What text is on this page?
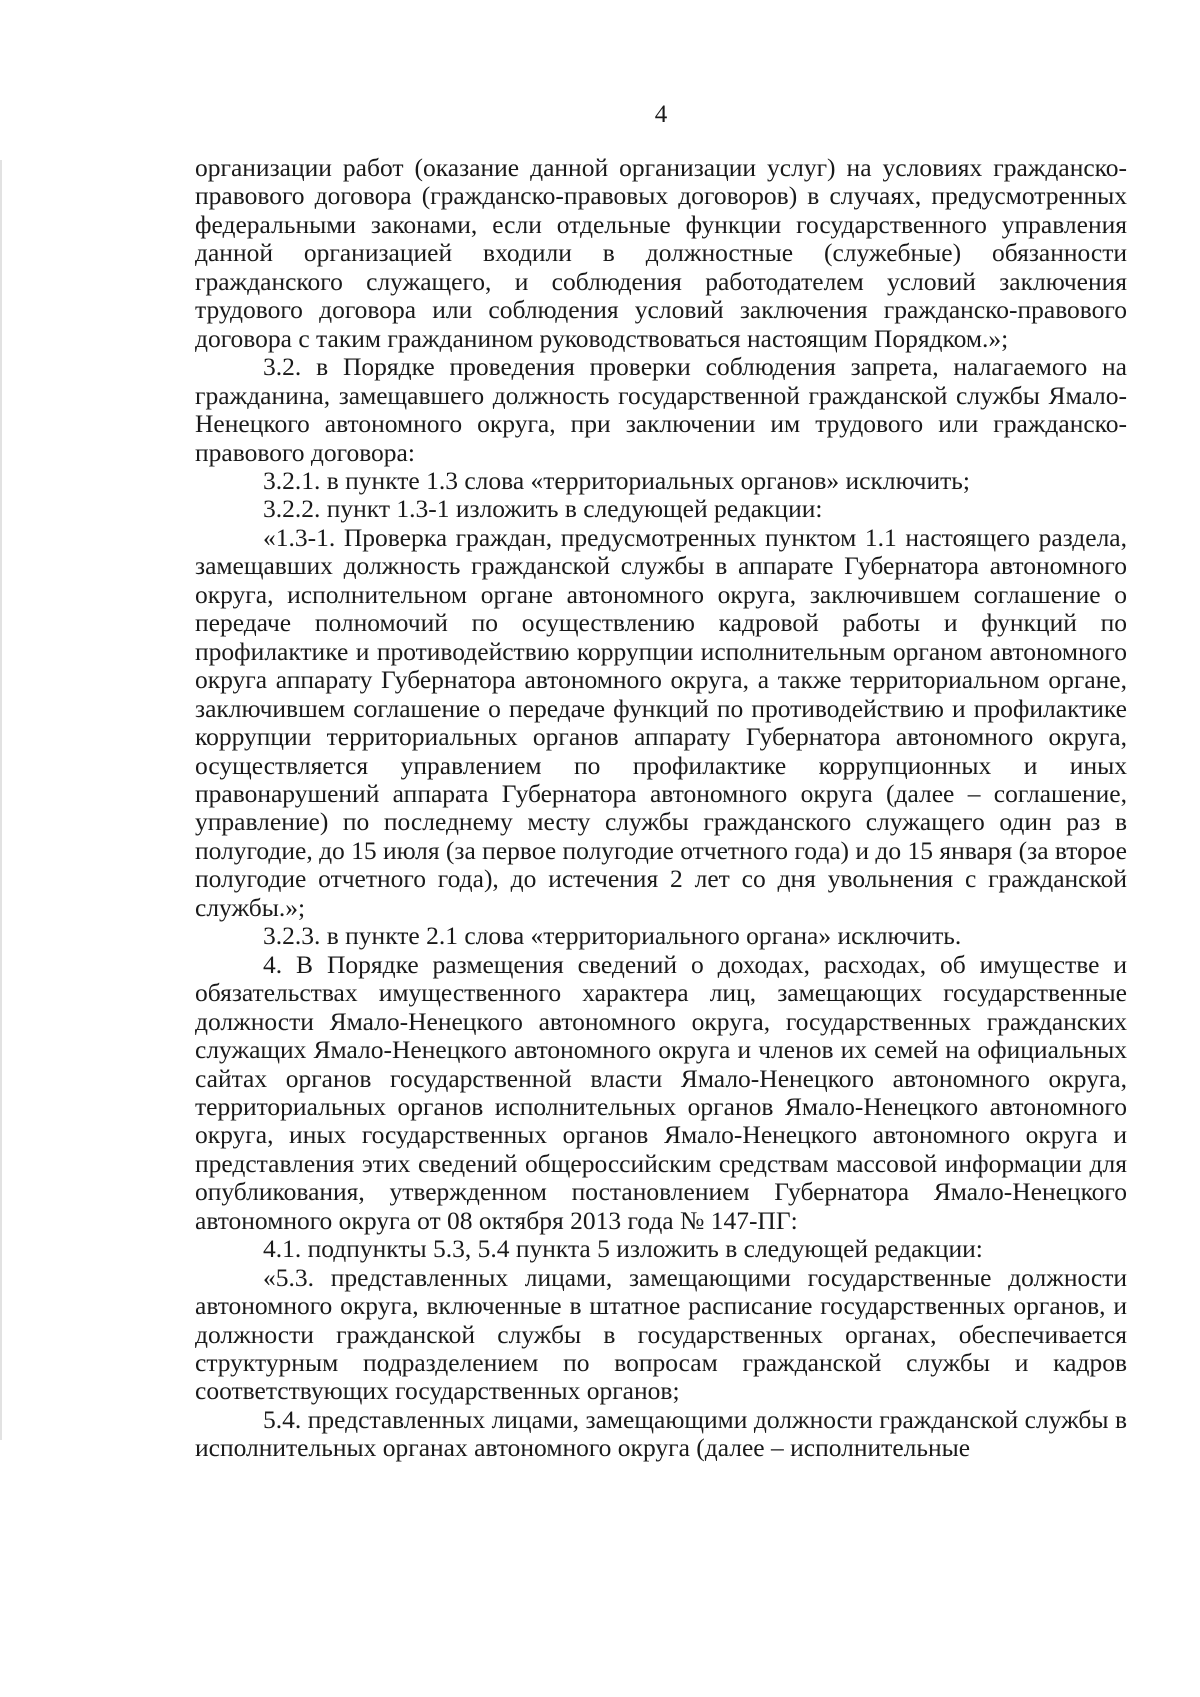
4

организации работ (оказание данной организации услуг) на условиях гражданско-правового договора (гражданско-правовых договоров) в случаях, предусмотренных федеральными законами, если отдельные функции государственного управления данной организацией входили в должностные (служебные) обязанности гражданского служащего, и соблюдения работодателем условий заключения трудового договора или соблюдения условий заключения гражданско-правового договора с таким гражданином руководствоваться настоящим Порядком.»;

3.2. в Порядке проведения проверки соблюдения запрета, налагаемого на гражданина, замещавшего должность государственной гражданской службы Ямало-Ненецкого автономного округа, при заключении им трудового или гражданско-правового договора:

3.2.1. в пункте 1.3 слова «территориальных органов» исключить;

3.2.2. пункт 1.3-1 изложить в следующей редакции:

«1.3-1. Проверка граждан, предусмотренных пунктом 1.1 настоящего раздела, замещавших должность гражданской службы в аппарате Губернатора автономного округа, исполнительном органе автономного округа, заключившем соглашение о передаче полномочий по осуществлению кадровой работы и функций по профилактике и противодействию коррупции исполнительным органом автономного округа аппарату Губернатора автономного округа, а также территориальном органе, заключившем соглашение о передаче функций по противодействию и профилактике коррупции территориальных органов аппарату Губернатора автономного округа, осуществляется управлением по профилактике коррупционных и иных правонарушений аппарата Губернатора автономного округа (далее – соглашение, управление) по последнему месту службы гражданского служащего один раз в полугодие, до 15 июля (за первое полугодие отчетного года) и до 15 января (за второе полугодие отчетного года), до истечения 2 лет со дня увольнения с гражданской службы.»;

3.2.3. в пункте 2.1 слова «территориального органа» исключить.

4. В Порядке размещения сведений о доходах, расходах, об имуществе и обязательствах имущественного характера лиц, замещающих государственные должности Ямало-Ненецкого автономного округа, государственных гражданских служащих Ямало-Ненецкого автономного округа и членов их семей на официальных сайтах органов государственной власти Ямало-Ненецкого автономного округа, территориальных органов исполнительных органов Ямало-Ненецкого автономного округа, иных государственных органов Ямало-Ненецкого автономного округа и представления этих сведений общероссийским средствам массовой информации для опубликования, утвержденном постановлением Губернатора Ямало-Ненецкого автономного округа от 08 октября 2013 года № 147-ПГ:

4.1. подпункты 5.3, 5.4 пункта 5 изложить в следующей редакции:

«5.3. представленных лицами, замещающими государственные должности автономного округа, включенные в штатное расписание государственных органов, и должности гражданской службы в государственных органах, обеспечивается структурным подразделением по вопросам гражданской службы и кадров соответствующих государственных органов;

5.4. представленных лицами, замещающими должности гражданской службы в исполнительных органах автономного округа (далее – исполнительные
